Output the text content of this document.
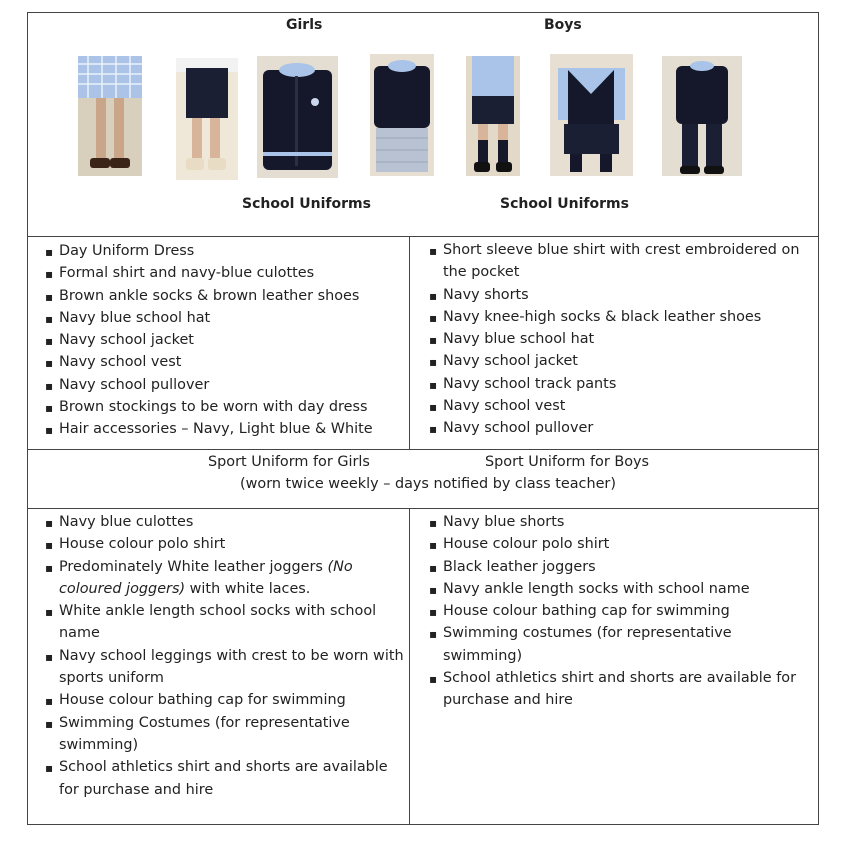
Girls	Boys
School Uniforms	School Uniforms
▪ Day Uniform Dress
▪ Formal shirt and navy-blue culottes
▪ Brown ankle socks & brown leather shoes
▪ Navy blue school hat
▪ Navy school jacket
▪ Navy school vest
▪ Navy school pullover
▪ Brown stockings to be worn with day dress
▪ Hair accessories – Navy, Light blue & White
▪ Short sleeve blue shirt with crest embroidered on the pocket
▪ Navy shorts
▪ Navy knee-high socks & black leather shoes
▪ Navy blue school hat
▪ Navy school jacket
▪ Navy school track pants
▪ Navy school vest
▪ Navy school pullover
Sport Uniform for Girls	Sport Uniform for Boys
(worn twice weekly – days notified by class teacher)
▪ Navy blue culottes
▪ House colour polo shirt
▪ Predominately White leather joggers (No coloured joggers) with white laces.
▪ White ankle length school socks with school name
▪ Navy school leggings with crest to be worn with sports uniform
▪ House colour bathing cap for swimming
▪ Swimming Costumes (for representative swimming)
▪ School athletics shirt and shorts are available for purchase and hire
▪ Navy blue shorts
▪ House colour polo shirt
▪ Black leather joggers
▪ Navy ankle length socks with school name
▪ House colour bathing cap for swimming
▪ Swimming costumes (for representative swimming)
▪ School athletics shirt and shorts are available for purchase and hire
